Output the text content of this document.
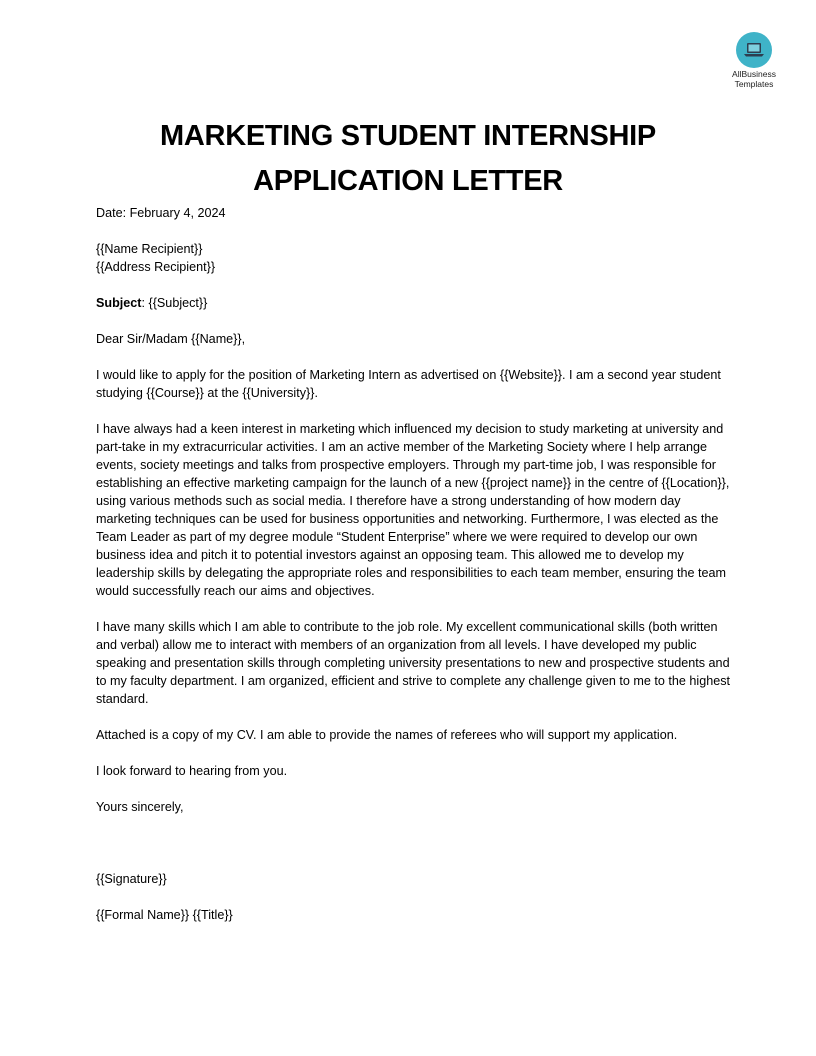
AllBusiness
Templates
MARKETING STUDENT INTERNSHIP
APPLICATION LETTER

Date: February 4, 2024

{{Name Recipient}}

{{Address Recipient}}

Subject: {{Subject}}

Dear Sir/Madam {{Name}},

I would like to apply for the position of Marketing Intern as advertised on {{Website}}. I am a second year student studying {{Course}} at the {{University}}.

I have always had a keen interest in marketing which influenced my decision to study marketing at university and part-take in my extracurricular activities. I am an active member of the Marketing Society where I help arrange events, society meetings and talks from prospective employers. Through my part-time job, I was responsible for establishing an effective marketing campaign for the launch of a new {{project name}} in the centre of {{Location}}, using various methods such as social media. I therefore have a strong understanding of how modern day marketing techniques can be used for business opportunities and networking. Furthermore, I was elected as the Team Leader as part of my degree module “Student Enterprise” where we were required to develop our own business idea and pitch it to potential investors against an opposing team. This allowed me to develop my leadership skills by delegating the appropriate roles and responsibilities to each team member, ensuring the team would successfully reach our aims and objectives.

I have many skills which I am able to contribute to the job role. My excellent communicational skills (both written and verbal) allow me to interact with members of an organization from all levels. I have developed my public speaking and presentation skills through completing university presentations to new and prospective students and to my faculty department. I am organized, efficient and strive to complete any challenge given to me to the highest standard.

Attached is a copy of my CV. I am able to provide the names of referees who will support my application.

I look forward to hearing from you.

Yours sincerely,

{{Signature}}

{{Formal Name}} {{Title}}
